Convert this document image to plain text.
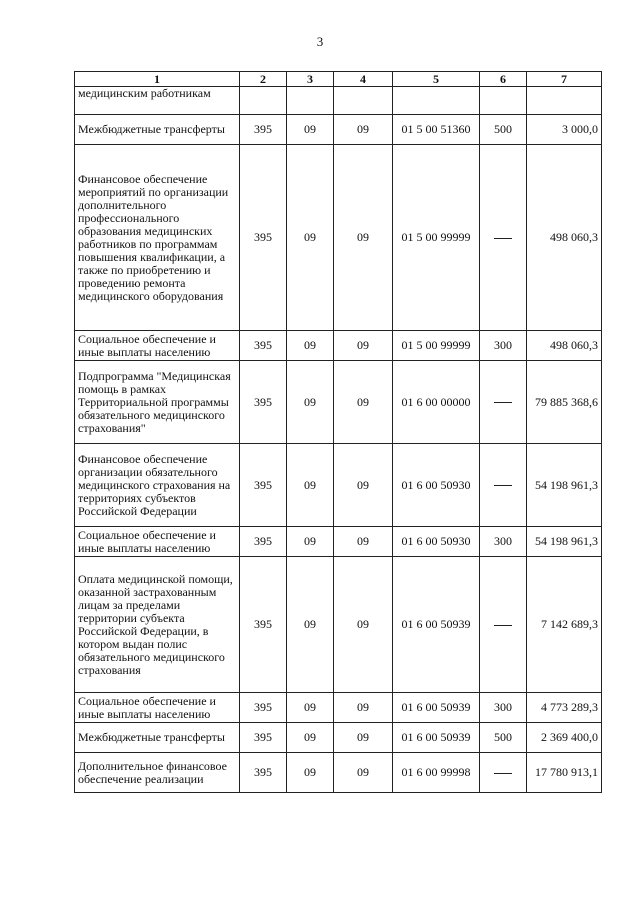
3
1	2	3	4	5	6	7
медицинским работникам						
Межбюджетные трансферты	395	09	09	01 5 00 51360	500	3 000,0
Финансовое обеспечение мероприятий по организации дополнительного профессионального образования медицинских работников по программам повышения квалификации, а также по приобретению и проведению ремонта медицинского оборудования	395	09	09	01 5 00 99999		498 060,3
Социальное обеспечение и иные выплаты населению	395	09	09	01 5 00 99999	300	498 060,3
Подпрограмма "Медицинская помощь в рамках Территориальной программы обязательного медицинского страхования"	395	09	09	01 6 00 00000		79 885 368,6
Финансовое обеспечение организации обязательного медицинского страхования на территориях субъектов Российской Федерации	395	09	09	01 6 00 50930		54 198 961,3
Социальное обеспечение и иные выплаты населению	395	09	09	01 6 00 50930	300	54 198 961,3
Оплата медицинской помощи, оказанной застрахованным лицам за пределами территории субъекта Российской Федерации, в котором выдан полис обязательного медицинского страхования	395	09	09	01 6 00 50939		7 142 689,3
Социальное обеспечение и иные выплаты населению	395	09	09	01 6 00 50939	300	4 773 289,3
Межбюджетные трансферты	395	09	09	01 6 00 50939	500	2 369 400,0
Дополнительное финансовое обеспечение реализации	395	09	09	01 6 00 99998		17 780 913,1
